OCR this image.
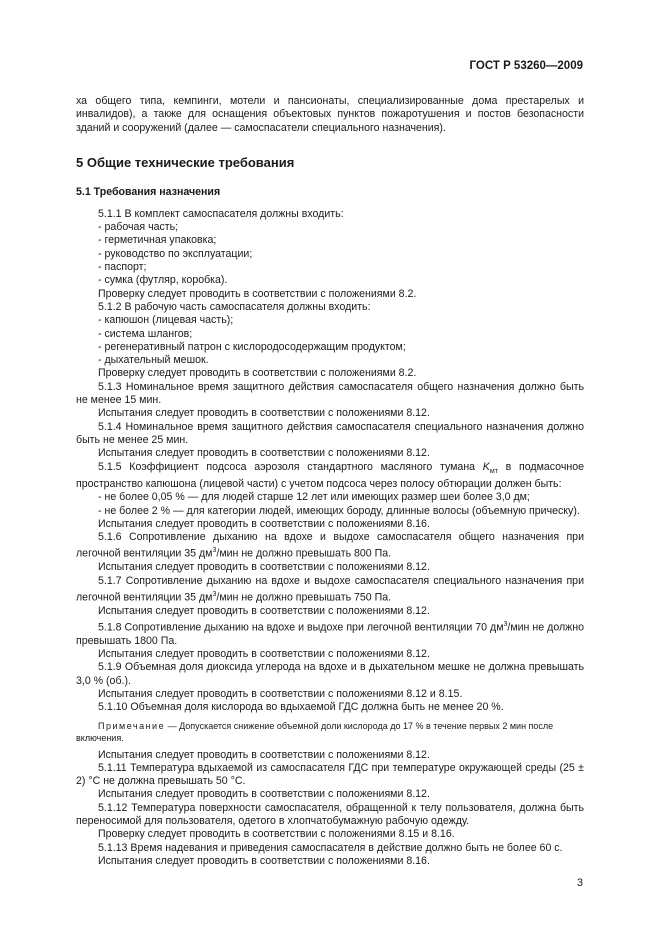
ГОСТ Р 53260—2009

ха общего типа, кемпинги, мотели и пансионаты, специализированные дома престарелых и инвалидов), а также для оснащения объектовых пунктов пожаротушения и постов безопасности зданий и сооружений (далее — самоспасатели специального назначения).

5 Общие технические требования
5.1 Требования назначения

5.1.1 В комплект самоспасателя должны входить:

- рабочая часть;

- герметичная упаковка;

- руководство по эксплуатации;

- паспорт;

- сумка (футляр, коробка).

Проверку следует проводить в соответствии с положениями 8.2.

5.1.2 В рабочую часть самоспасателя должны входить:

- капюшон (лицевая часть);

- система шлангов;

- регенеративный патрон с кислородосодержащим продуктом;

- дыхательный мешок.

Проверку следует проводить в соответствии с положениями 8.2.

5.1.3 Номинальное время защитного действия самоспасателя общего назначения должно быть не менее 15 мин.

Испытания следует проводить в соответствии с положениями 8.12.

5.1.4 Номинальное время защитного действия самоспасателя специального назначения должно быть не менее 25 мин.

Испытания следует проводить в соответствии с положениями 8.12.

5.1.5 Коэффициент подсоса аэрозоля стандартного масляного тумана $K_{мт}$ в подмасочное пространство капюшона (лицевой части) с учетом подсоса через полосу обтюрации должен быть:

- не более 0,05 % — для людей старше 12 лет или имеющих размер шеи более 3,0 дм;

- не более 2 % — для категории людей, имеющих бороду, длинные волосы (объемную прическу).

Испытания следует проводить в соответствии с положениями 8.16.

5.1.6 Сопротивление дыханию на вдохе и выдохе самоспасателя общего назначения при легочной вентиляции 35 $дм^3$/мин не должно превышать 800 Па.

Испытания следует проводить в соответствии с положениями 8.12.

5.1.7 Сопротивление дыханию на вдохе и выдохе самоспасателя специального назначения при легочной вентиляции 35 $дм^3$/мин не должно превышать 750 Па.

Испытания следует проводить в соответствии с положениями 8.12.

5.1.8 Сопротивление дыханию на вдохе и выдохе при легочной вентиляции 70 $дм^3$/мин не должно превышать 1800 Па.

Испытания следует проводить в соответствии с положениями 8.12.

5.1.9 Объемная доля диоксида углерода на вдохе и в дыхательном мешке не должна превышать 3,0 % (об.).

Испытания следует проводить в соответствии с положениями 8.12 и 8.15.

5.1.10 Объемная доля кислорода во вдыхаемой ГДС должна быть не менее 20 %.

Примечание — Допускается снижение объемной доли кислорода до 17 % в течение первых 2 мин после включения.

Испытания следует проводить в соответствии с положениями 8.12.

5.1.11 Температура вдыхаемой из самоспасателя ГДС при температуре окружающей среды (25 ± 2) °С не должна превышать 50 °С.

Испытания следует проводить в соответствии с положениями 8.12.

5.1.12 Температура поверхности самоспасателя, обращенной к телу пользователя, должна быть переносимой для пользователя, одетого в хлопчатобумажную рабочую одежду.

Проверку следует проводить в соответствии с положениями 8.15 и 8.16.

5.1.13 Время надевания и приведения самоспасателя в действие должно быть не более 60 с.

Испытания следует проводить в соответствии с положениями 8.16.

3
